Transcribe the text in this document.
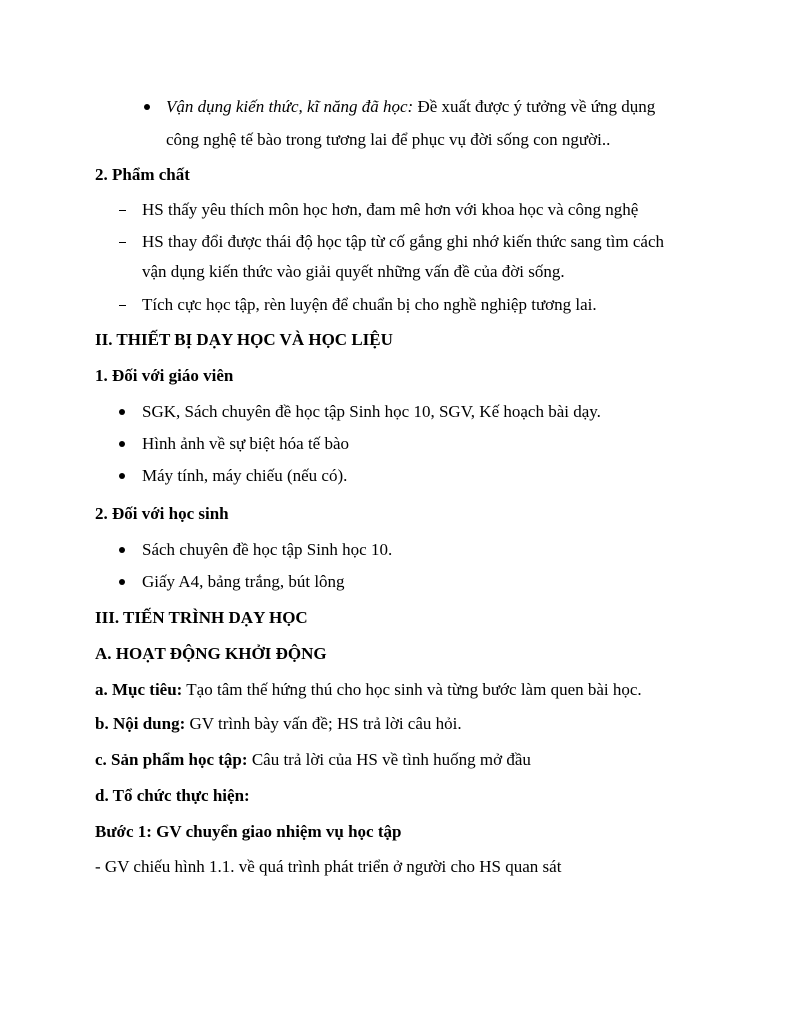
Vận dụng kiến thức, kĩ năng đã học: Đề xuất được ý tưởng về ứng dụng
công nghệ tế bào trong tương lai để phục vụ đời sống con người..
2. Phẩm chất
HS thấy yêu thích môn học hơn, đam mê hơn với khoa học và công nghệ
HS thay đổi được thái độ học tập từ cố gắng ghi nhớ kiến thức sang tìm cách
vận dụng kiến thức vào giải quyết những vấn đề của đời sống.
Tích cực học tập, rèn luyện để chuẩn bị cho nghề nghiệp tương lai.
II. THIẾT BỊ DẠY HỌC VÀ HỌC LIỆU
1. Đối với giáo viên
SGK, Sách chuyên đề học tập Sinh học 10, SGV, Kế hoạch bài dạy.
Hình ảnh về sự biệt hóa tế bào
Máy tính, máy chiếu (nếu có).
2. Đối với học sinh
Sách chuyên đề học tập Sinh học 10.
Giấy A4, bảng trắng, bút lông
III. TIẾN TRÌNH DẠY HỌC
A. HOẠT ĐỘNG KHỞI ĐỘNG
a. Mục tiêu: Tạo tâm thế hứng thú cho học sinh và từng bước làm quen bài học.
b. Nội dung: GV trình bày vấn đề; HS trả lời câu hỏi.
c. Sản phẩm học tập: Câu trả lời của HS về tình huống mở đầu
d. Tổ chức thực hiện:
Bước 1: GV chuyển giao nhiệm vụ học tập
- GV chiếu hình 1.1. về quá trình phát triển ở người cho HS quan sát
